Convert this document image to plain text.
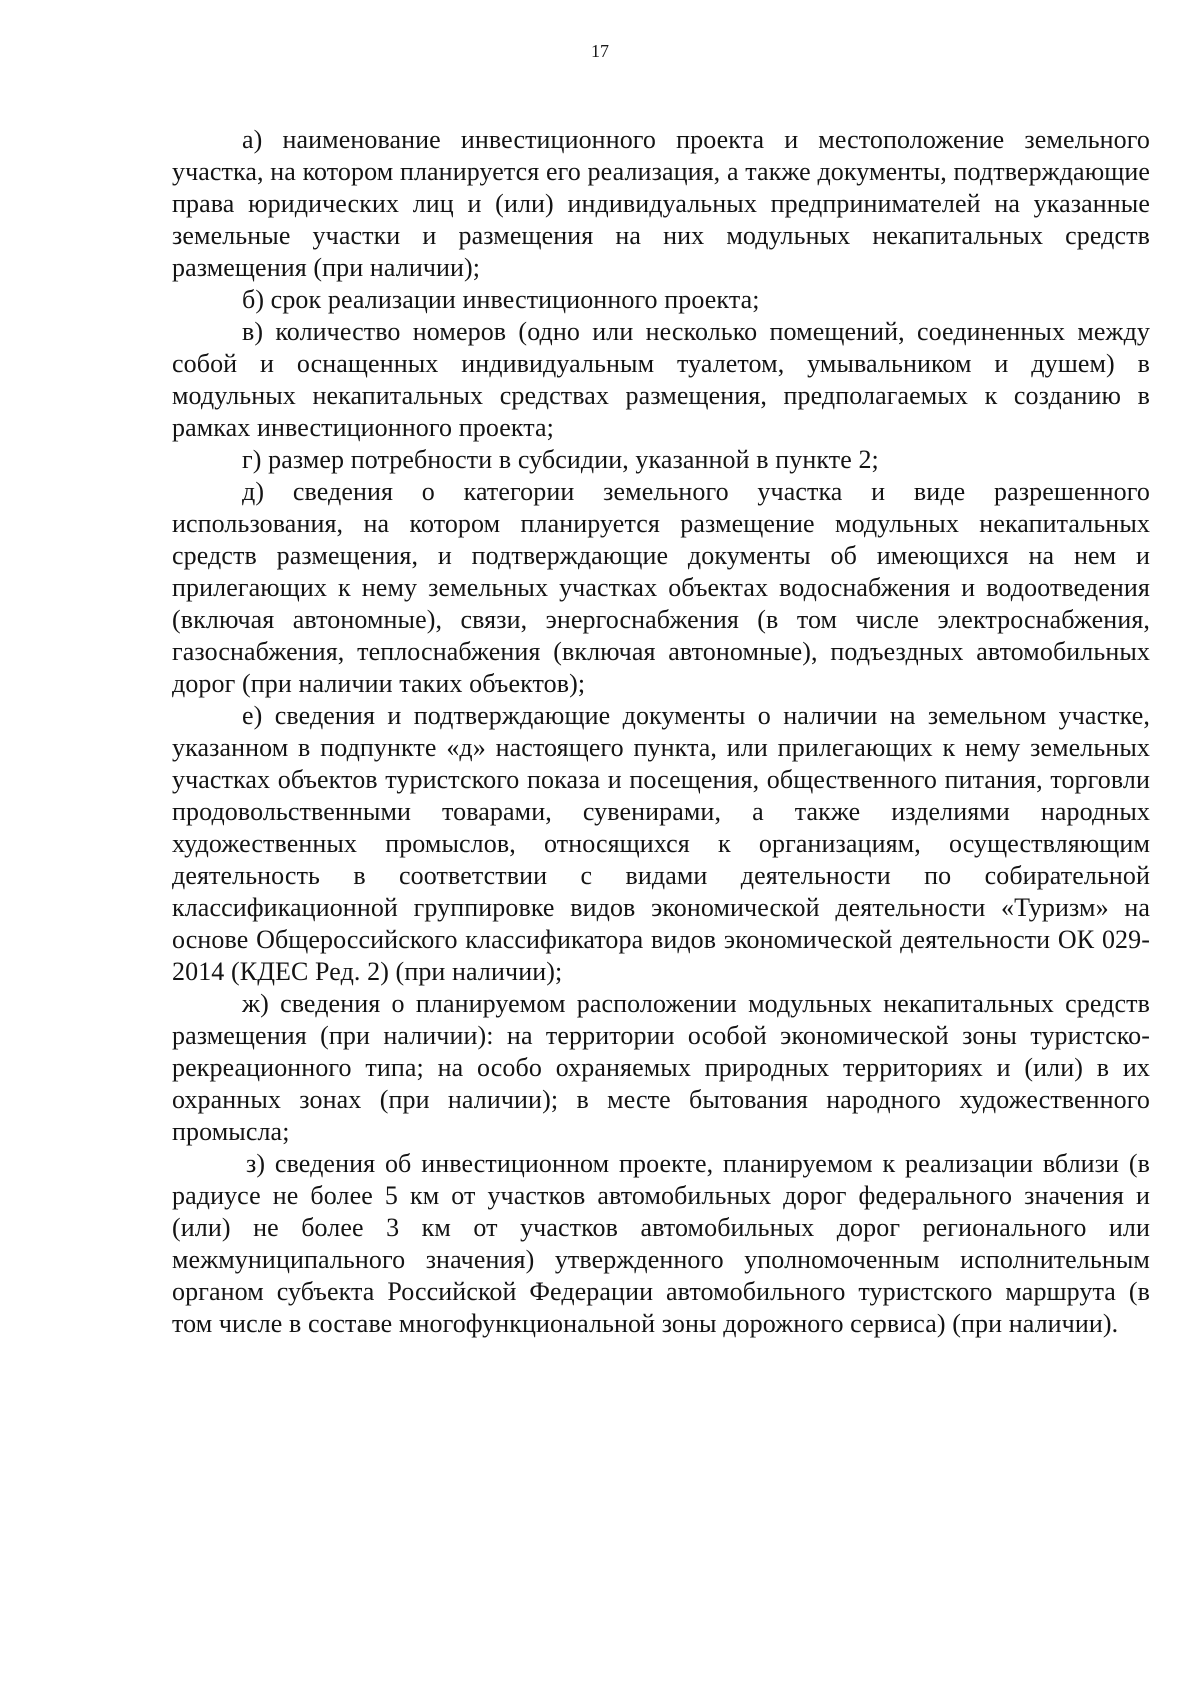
17

а) наименование инвестиционного проекта и местоположение земельного участка, на котором планируется его реализация, а также документы, подтверждающие права юридических лиц и (или) индивидуальных предпринимателей на указанные земельные участки и размещения на них модульных некапитальных средств размещения (при наличии);

б) срок реализации инвестиционного проекта;

в) количество номеров (одно или несколько помещений, соединенных между собой и оснащенных индивидуальным туалетом, умывальником и душем) в модульных некапитальных средствах размещения, предполагаемых к созданию в рамках инвестиционного проекта;

г) размер потребности в субсидии, указанной в пункте 2;

д) сведения о категории земельного участка и виде разрешенного использования, на котором планируется размещение модульных некапитальных средств размещения, и подтверждающие документы об имеющихся на нем и прилегающих к нему земельных участках объектах водоснабжения и водоотведения (включая автономные), связи, энергоснабжения (в том числе электроснабжения, газоснабжения, теплоснабжения (включая автономные), подъездных автомобильных дорог (при наличии таких объектов);

е) сведения и подтверждающие документы о наличии на земельном участке, указанном в подпункте «д» настоящего пункта, или прилегающих к нему земельных участках объектов туристского показа и посещения, общественного питания, торговли продовольственными товарами, сувенирами, а также изделиями народных художественных промыслов, относящихся к организациям, осуществляющим деятельность в соответствии с видами деятельности по собирательной классификационной группировке видов экономической деятельности «Туризм» на основе Общероссийского классификатора видов экономической деятельности ОК 029-2014 (КДЕС Ред. 2) (при наличии);

ж) сведения о планируемом расположении модульных некапитальных средств размещения (при наличии): на территории особой экономической зоны туристско-рекреационного типа; на особо охраняемых природных территориях и (или) в их охранных зонах (при наличии); в месте бытования народного художественного промысла;

з) сведения об инвестиционном проекте, планируемом к реализации вблизи (в радиусе не более 5 км от участков автомобильных дорог федерального значения и (или) не более 3 км от участков автомобильных дорог регионального или межмуниципального значения) утвержденного уполномоченным исполнительным органом субъекта Российской Федерации автомобильного туристского маршрута (в том числе в составе многофункциональной зоны дорожного сервиса) (при наличии).
